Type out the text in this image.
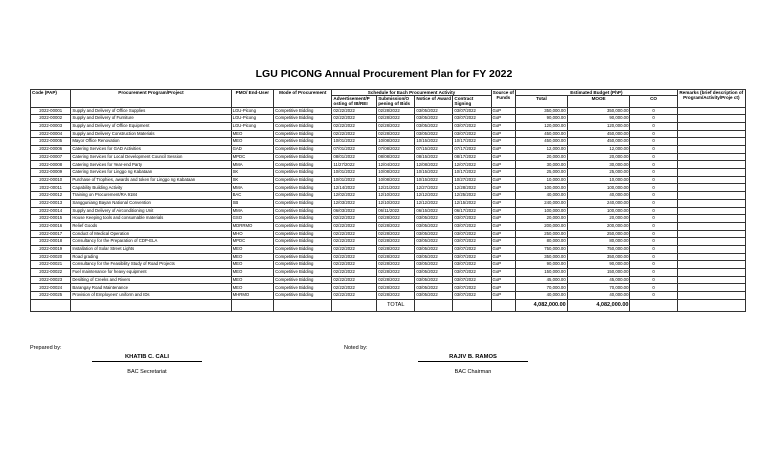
LGU PICONG Annual Procurement Plan for FY 2022
Code (PAP)	Procurement Program/Project	PMO/ End-User	Mode of Procurement	Schedule for Each Procurement Activity				Source of Funds	Estimated Budget (PhP)			Remarks (brief description of Program/Activity/Proje ct)
				Advertisement/P osting of IB/REI	Submission/O pening of Bids	Notice of Award	Contract Signing		Total	MOOE	CO	
2022-00001	Supply and Delivery of Office Supplies	LGU-Picong	Competitive Bidding	02/22/2022	02/28/2022	03/05/2022	03/07/2022	GoP	350,000.00	350,000.00	0	
2022-00002	Supply and Delivery of Furniture	LGU-Picong	Competitive Bidding	02/22/2022	02/28/2022	03/05/2022	03/07/2022	GoP	90,000.00	90,000.00	0	
2022-00003	Supply and Delivery of Office Equipment	LGU-Picong	Competitive Bidding	02/22/2022	02/28/2022	03/05/2022	03/07/2022	GoP	120,000.00	120,000.00	0	
2022-00004	Supply and Delivery Construction Materials	MEO	Competitive Bidding	02/22/2022	02/28/2022	03/05/2022	03/07/2022	GoP	450,000.00	450,000.00	0	
2022-00005	Mayor Office Renovation	MEO	Competitive Bidding	10/01/2022	10/08/2022	10/15/2022	10/17/2022	GoP	450,000.00	450,000.00	0	
2022-00006	Catering Services for GAD Activities	GAD	Competitive Bidding	07/01/2022	07/08/2022	07/15/2022	07/17/2022	GoP	12,000.00	12,000.00	0	
2022-00007	Catering Services for Local Development Council Session	MPDC	Competitive Bidding	08/01/2022	08/08/2022	08/15/2022	08/17/2022	GoP	20,000.00	20,000.00	0	
2022-00008	Catering Services for Year-end Party	MMA	Competitive Bidding	11/27/2022	12/04/2022	12/08/2022	12/07/2022	GoP	30,000.00	30,000.00	0	
2022-00009	Catering Services for Linggo ng Kabataan	SK	Competitive Bidding	10/01/2022	10/08/2022	10/15/2022	10/17/2022	GoP	25,000.00	25,000.00	0	
2022-00010	Purchase of Trophies, awards and token for Linggo ng Kabataan	SK	Competitive Bidding	10/01/2022	10/08/2022	10/15/2022	10/27/2022	GoP	10,000.00	10,000.00	0	
2022-00011	Capability Building Activity	MMA	Competitive Bidding	12/14/2022	12/21/2022	12/27/2022	12/28/2022	GoP	100,000.00	100,000.00	0	
2022-00012	Training on Procurement/RA 9184	BAC	Competitive Bidding	12/02/2022	12/10/2022	12/12/2022	12/25/2022	GoP	40,000.00	40,000.00	0	
2022-00013	Sangguniang Bayan National Convention	SB	Competitive Bidding	12/03/2022	12/10/2022	12/12/2022	12/15/2022	GoP	240,000.00	240,000.00	0	
2022-00014	Supply and Delivery of Airconditioning Unit	MMA	Competitive Bidding	06/03/2022	06/11/2022	06/15/2022	06/17/2022	GoP	100,000.00	100,000.00	0	
2022-00015	House Keeping tools and consumable materials	GSO	Competitive Bidding	02/22/2022	02/28/2022	03/05/2022	03/07/2022	GoP	20,000.00	20,000.00	0	
2022-00016	Relief Goods	MDRRMO	Competitive Bidding	02/22/2022	02/28/2022	03/05/2022	03/07/2022	GoP	200,000.00	200,000.00	0	
2022-00017	Conduct of Medical Operation	MHO	Competitive Bidding	02/22/2022	02/28/2022	03/05/2022	03/07/2022	GoP	250,000.00	250,000.00	0	
2022-00018	Consultancy for the Preparation of CDP-ELA	MPDC	Competitive Bidding	02/22/2022	02/28/2022	03/05/2022	03/07/2022	GoP	80,000.00	80,000.00	0	
2022-00019	Installation of Solar Street Lights	MEO	Competitive Bidding	02/22/2022	02/28/2022	03/05/2022	03/07/2022	GoP	750,000.00	750,000.00	0	
2022-00020	Road grading	MEO	Competitive Bidding	02/22/2022	02/28/2022	03/05/2022	03/07/2022	GoP	350,000.00	350,000.00	0	
2022-00021	Consultancy for the Feasibility Study of Road Projects	MEO	Competitive Bidding	02/22/2022	02/28/2022	03/05/2022	03/07/2022	GoP	90,000.00	90,000.00	0	
2022-00022	Fuel maintenance for heavy equipment	MEO	Competitive Bidding	02/22/2022	02/28/2022	03/05/2022	03/07/2022	GoP	150,000.00	150,000.00	0	
2022-00023	Desilting of Creeks and Rivers	MEO	Competitive Bidding	02/22/2022	02/28/2022	03/05/2022	03/07/2022	GoP	45,000.00	45,000.00	0	
2022-00024	Barangay Road Maintenance	MEO	Competitive Bidding	02/22/2022	02/28/2022	03/05/2022	03/07/2022	GoP	70,000.00	70,000.00	0	
2022-00025	Provision of Employees' uniform and IDs	MHRMO	Competitive Bidding	02/22/2022	02/28/2022	03/05/2022	03/07/2022	GoP	40,000.00	40,000.00	0	
					TOTAL				4,082,000.00	4,082,000.00		
Prepared by:	Noted by:
KHATIB C. CALI
BAC Secretariat
RAJIV B. RAMOS
BAC Chairman
